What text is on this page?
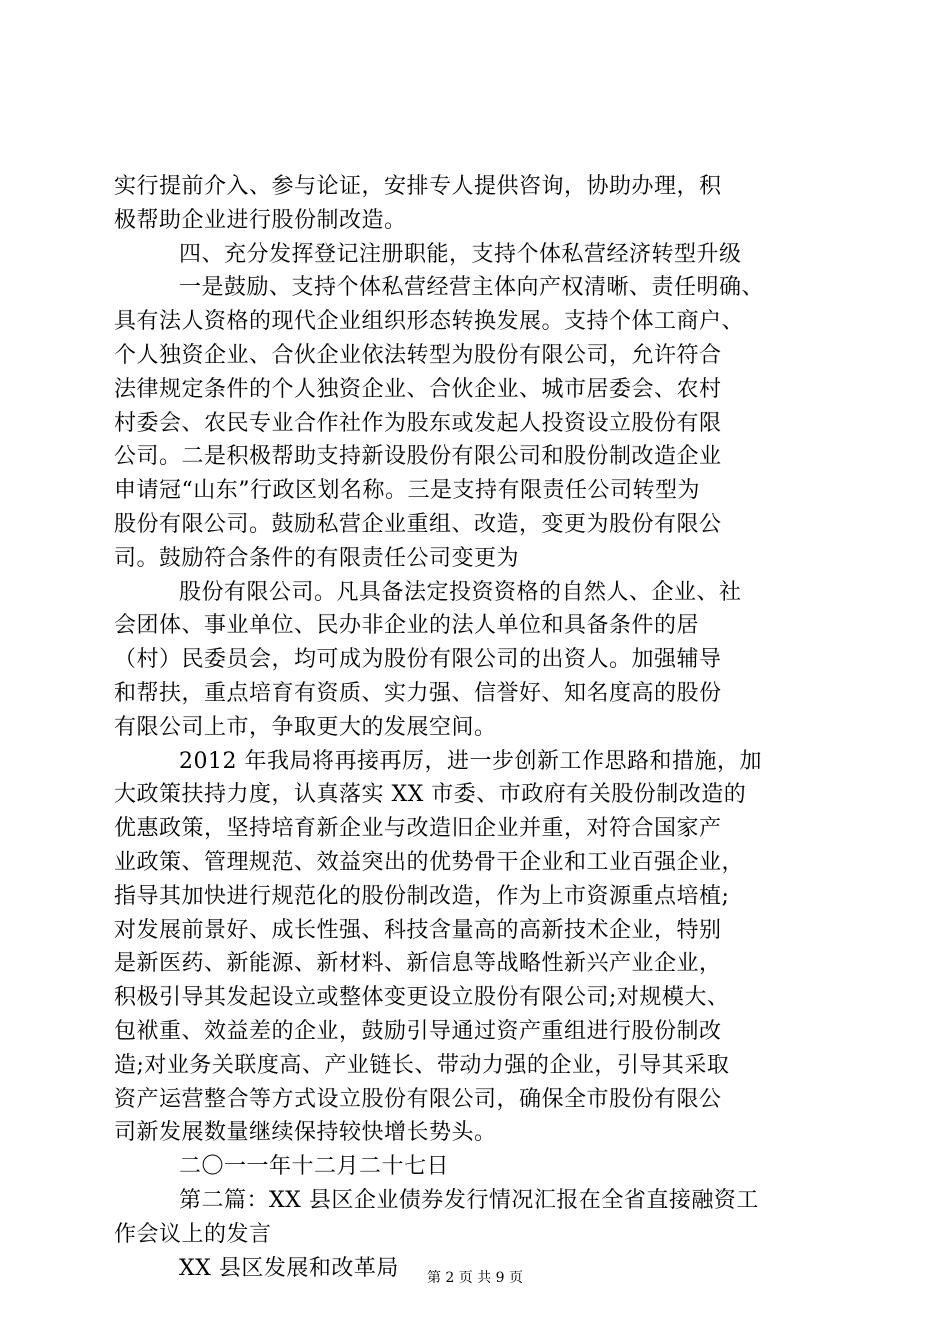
实行提前介入、参与论证，安排专人提供咨询，协助办理，积
极帮助企业进行股份制改造。
四、充分发挥登记注册职能，支持个体私营经济转型升级
一是鼓励、支持个体私营经营主体向产权清晰、责任明确、
具有法人资格的现代企业组织形态转换发展。支持个体工商户、
个人独资企业、合伙企业依法转型为股份有限公司，允许符合
法律规定条件的个人独资企业、合伙企业、城市居委会、农村
村委会、农民专业合作社作为股东或发起人投资设立股份有限
公司。二是积极帮助支持新设股份有限公司和股份制改造企业
申请冠“山东”行政区划名称。三是支持有限责任公司转型为
股份有限公司。鼓励私营企业重组、改造，变更为股份有限公
司。鼓励符合条件的有限责任公司变更为
股份有限公司。凡具备法定投资资格的自然人、企业、社
会团体、事业单位、民办非企业的法人单位和具备条件的居
（村）民委员会，均可成为股份有限公司的出资人。加强辅导
和帮扶，重点培育有资质、实力强、信誉好、知名度高的股份
有限公司上市，争取更大的发展空间。
2012 年我局将再接再厉，进一步创新工作思路和措施，加
大政策扶持力度，认真落实 XX 市委、市政府有关股份制改造的
优惠政策，坚持培育新企业与改造旧企业并重，对符合国家产
业政策、管理规范、效益突出的优势骨干企业和工业百强企业，
指导其加快进行规范化的股份制改造，作为上市资源重点培植;
对发展前景好、成长性强、科技含量高的高新技术企业，特别
是新医药、新能源、新材料、新信息等战略性新兴产业企业，
积极引导其发起设立或整体变更设立股份有限公司;对规模大、
包袱重、效益差的企业，鼓励引导通过资产重组进行股份制改
造;对业务关联度高、产业链长、带动力强的企业，引导其采取
资产运营整合等方式设立股份有限公司，确保全市股份有限公
司新发展数量继续保持较快增长势头。
二〇一一年十二月二十七日
第二篇：XX 县区企业债券发行情况汇报在全省直接融资工
作会议上的发言
XX 县区发展和改革局	第 2 页 共 9 页
